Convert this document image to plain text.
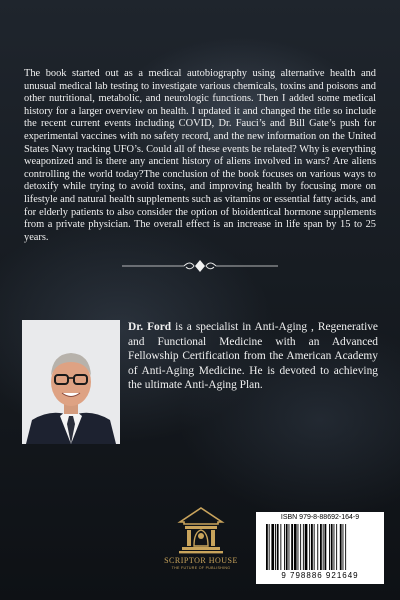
The book started out as a medical autobiography using alternative health and unusual medical lab testing to investigate various chemicals, toxins and poisons and other nutritional, metabolic, and neurologic functions. Then I added some medical history for a larger overview on health. I updated it and changed the title so include the recent current events including COVID, Dr. Fauci’s and Bill Gate’s push for experimental vaccines with no safety record, and the new information on the United States Navy tracking UFO’s. Could all of these events be related? Why is everything weaponized and is there any ancient history of aliens involved in wars? Are aliens controlling the world today?The conclusion of the book focuses on various ways to detoxify while trying to avoid toxins, and improving health by focusing more on lifestyle and natural health supplements such as vitamins or essential fatty acids, and for elderly patients to also consider the option of bioidentical hormone supplements from a private physician. The overall effect is an increase in life span by 15 to 25 years.

Dr. Ford is a specialist in Anti-Aging , Regenerative and Functional Medicine with an Advanced Fellowship Certification from the American Academy of Anti-Aging Medicine. He is devoted to achieving the ultimate Anti-Aging Plan.

SCRIPTOR HOUSE
THE FUTURE OF PUBLISHING
ISBN 979-8-88692-164-9
9 798886 921649
